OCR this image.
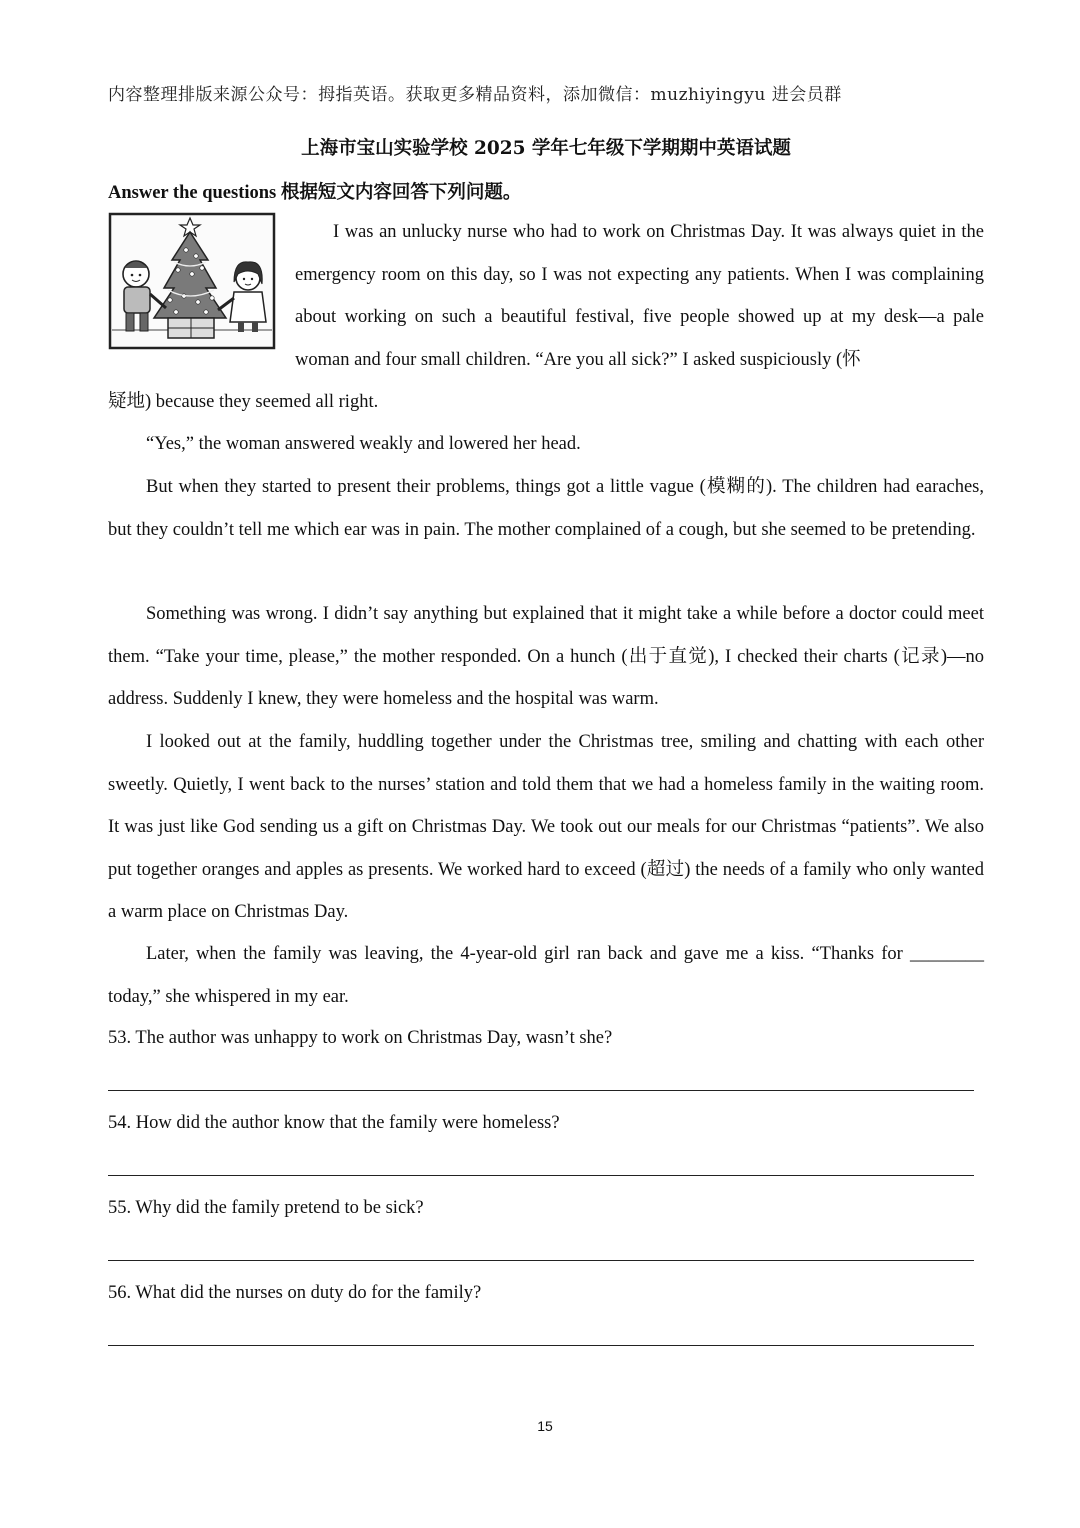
内容整理排版来源公众号：拇指英语。获取更多精品资料，添加微信：muzhiyingyu 进会员群
上海市宝山实验学校 2025 学年七年级下学期期中英语试题
Answer the questions 根据短文内容回答下列问题。

I was an unlucky nurse who had to work on Christmas Day. It was always quiet in the emergency room on this day, so I was not expecting any patients. When I was complaining about working on such a beautiful festival, five people showed up at my desk—a pale woman and four small children. “Are you all sick?” I asked suspiciously (怀

疑地) because they seemed all right.

“Yes,” the woman answered weakly and lowered her head.

But when they started to present their problems, things got a little vague (模糊的). The children had earaches, but they couldn’t tell me which ear was in pain. The mother complained of a cough, but she seemed to be pretending.

Something was wrong. I didn’t say anything but explained that it might take a while before a doctor could meet them. “Take your time, please,” the mother responded. On a hunch (出于直觉), I checked their charts (记录)—no address. Suddenly I knew, they were homeless and the hospital was warm.

I looked out at the family, huddling together under the Christmas tree, smiling and chatting with each other sweetly. Quietly, I went back to the nurses’ station and told them that we had a homeless family in the waiting room. It was just like God sending us a gift on Christmas Day. We took out our meals for our Christmas “patients”. We also put together oranges and apples as presents. We worked hard to exceed (超过) the needs of a family who only wanted a warm place on Christmas Day.

Later, when the family was leaving, the 4-year-old girl ran back and gave me a kiss. “Thanks for ________ today,” she whispered in my ear.

53. The author was unhappy to work on Christmas Day, wasn’t she?
54. How did the author know that the family were homeless?
55. Why did the family pretend to be sick?
56. What did the nurses on duty do for the family?
15
